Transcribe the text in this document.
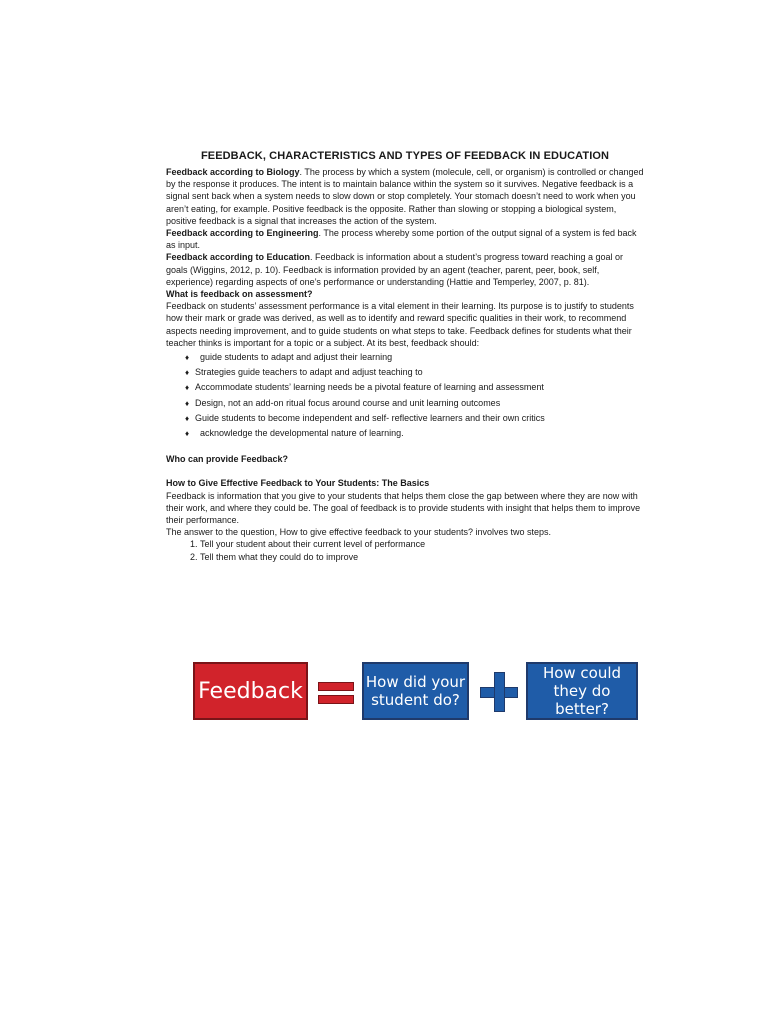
FEEDBACK, CHARACTERISTICS AND TYPES OF FEEDBACK IN EDUCATION

Feedback according to Biology. The process by which a system (molecule, cell, or organism) is controlled or changed by the response it produces. The intent is to maintain balance within the system so it survives. Negative feedback is a signal sent back when a system needs to slow down or stop completely. Your stomach doesn’t need to work when you aren’t eating, for example. Positive feedback is the opposite. Rather than slowing or stopping a biological system, positive feedback is a signal that increases the action of the system.

Feedback according to Engineering. The process whereby some portion of the output signal of a system is fed back as input.

Feedback according to Education. Feedback is information about a student’s progress toward reaching a goal or goals (Wiggins, 2012, p. 10). Feedback is information provided by an agent (teacher, parent, peer, book, self, experience) regarding aspects of one’s performance or understanding (Hattie and Temperley, 2007, p. 81).

What is feedback on assessment?

Feedback on students’ assessment performance is a vital element in their learning. Its purpose is to justify to students how their mark or grade was derived, as well as to identify and reward specific qualities in their work, to recommend aspects needing improvement, and to guide students on what steps to take. Feedback defines for students what their teacher thinks is important for a topic or a subject. At its best, feedback should:

♦ guide students to adapt and adjust their learning
♦ Strategies guide teachers to adapt and adjust teaching to
♦ Accommodate students’ learning needs be a pivotal feature of learning and assessment
♦ Design, not an add-on ritual focus around course and unit learning outcomes
♦ Guide students to become independent and self- reflective learners and their own critics
♦ acknowledge the developmental nature of learning.
Who can provide Feedback?
How to Give Effective Feedback to Your Students: The Basics

Feedback is information that you give to your students that helps them close the gap between where they are now with their work, and where they could be. The goal of feedback is to provide students with insight that helps them to improve their performance.

The answer to the question, How to give effective feedback to your students? involves two steps.

1. Tell your student about their current level of performance
2. Tell them what they could do to improve
Feedback	How did your
student do?
How could
they do better?
